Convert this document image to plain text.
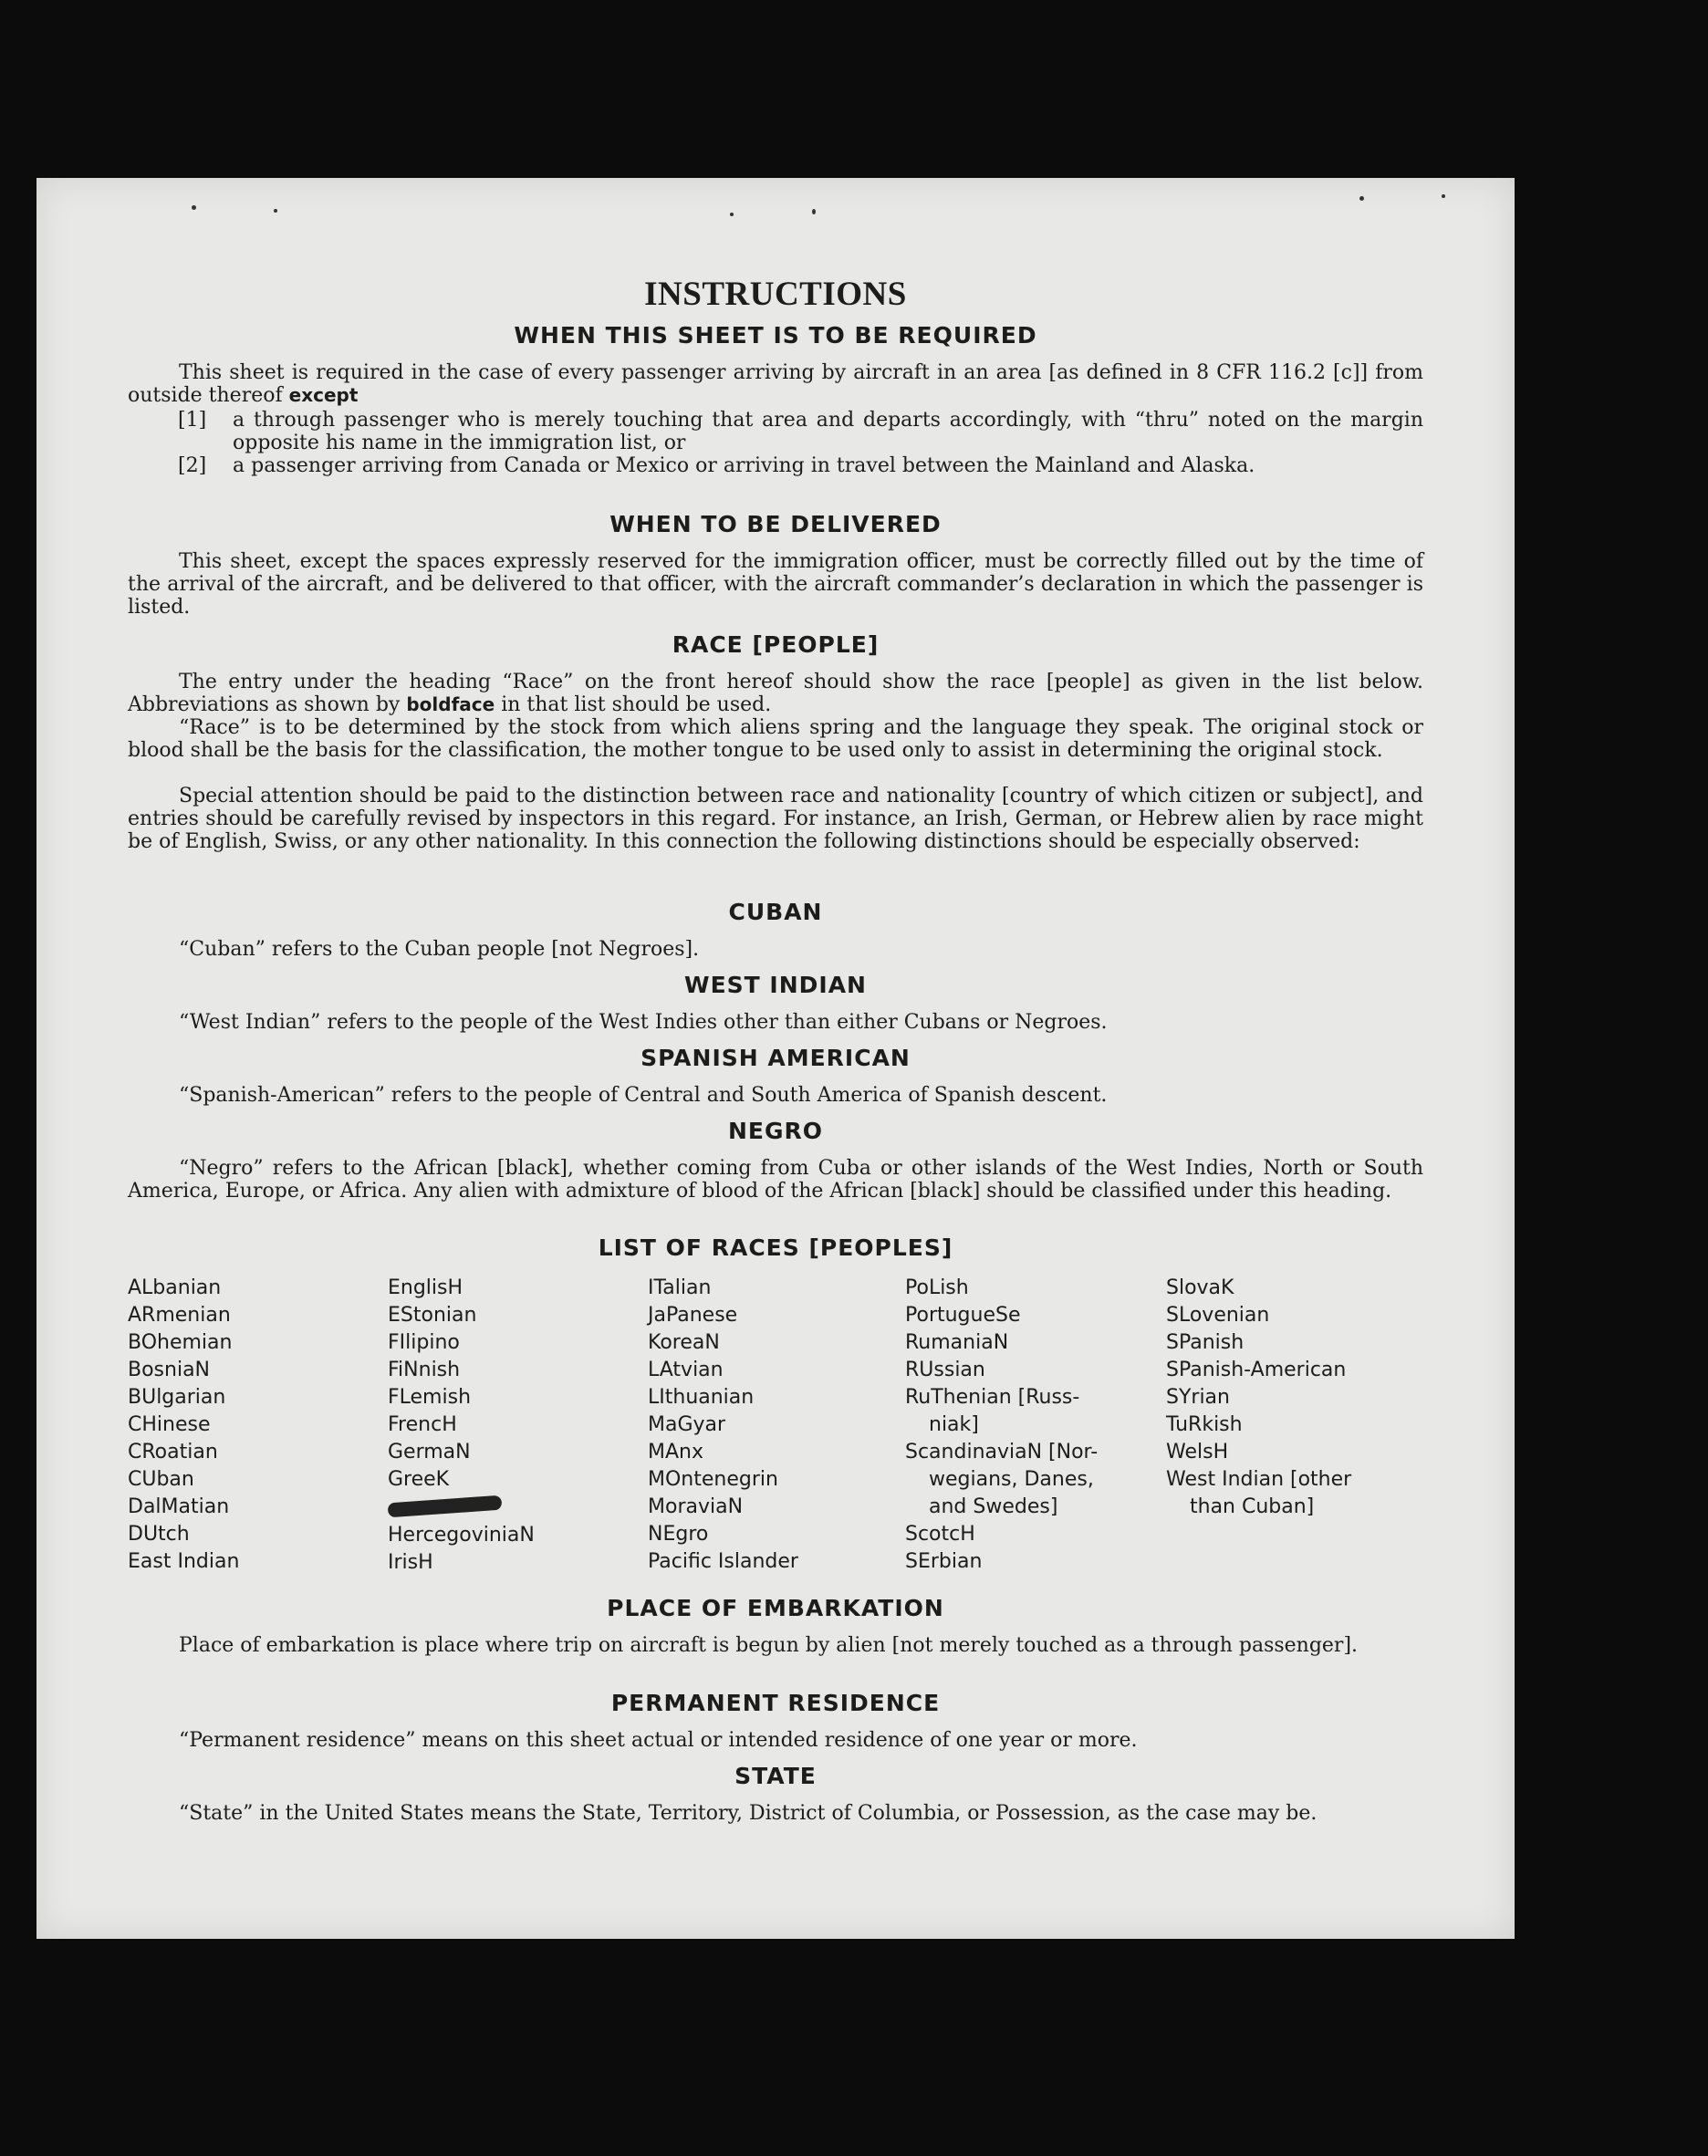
INSTRUCTIONS
WHEN THIS SHEET IS TO BE REQUIRED
This sheet is required in the case of every passenger arriving by aircraft in an area [as defined in 8 CFR 116.2 [c]] from outside thereof except
[1] a through passenger who is merely touching that area and departs accordingly, with “thru” noted on the margin opposite his name in the immigration list, or
[2] a passenger arriving from Canada or Mexico or arriving in travel between the Mainland and Alaska.
WHEN TO BE DELIVERED
This sheet, except the spaces expressly reserved for the immigration officer, must be correctly filled out by the time of the arrival of the aircraft, and be delivered to that officer, with the aircraft commander’s declaration in which the passenger is listed.
RACE [PEOPLE]
The entry under the heading “Race” on the front hereof should show the race [people] as given in the list below. Abbreviations as shown by boldface in that list should be used.
“Race” is to be determined by the stock from which aliens spring and the language they speak. The original stock or blood shall be the basis for the classification, the mother tongue to be used only to assist in determining the original stock.
Special attention should be paid to the distinction between race and nationality [country of which citizen or subject], and entries should be carefully revised by inspectors in this regard. For instance, an Irish, German, or Hebrew alien by race might be of English, Swiss, or any other nationality. In this connection the following distinctions should be especially observed:
CUBAN
“Cuban” refers to the Cuban people [not Negroes].
WEST INDIAN
“West Indian” refers to the people of the West Indies other than either Cubans or Negroes.
SPANISH AMERICAN
“Spanish-American” refers to the people of Central and South America of Spanish descent.
NEGRO
“Negro” refers to the African [black], whether coming from Cuba or other islands of the West Indies, North or South America, Europe, or Africa. Any alien with admixture of blood of the African [black] should be classified under this heading.
LIST OF RACES [PEOPLES]
ALbanian
ARmenian
BOhemian
BosniaN
BUlgarian
CHinese
CRoatian
CUban
DalMatian
DUtch
East Indian
EnglisH
EStonian
FIlipino
FiNnish
FLemish
FrencH
GermaN
GreeK
HercegoviniaN
IrisH
ITalian
JaPanese
KoreaN
LAtvian
LIthuanian
MaGyar
MAnx
MOntenegrin
MoraviaN
NEgro
Pacific Islander
PoLish
PortugueSe
RumaniaN
RUssian
RuThenian [Russ-
niak]
ScandinaviaN [Nor-
wegians, Danes,
and Swedes]
ScotcH
SErbian
SlovaK
SLovenian
SPanish
SPanish-American
SYrian
TuRkish
WelsH
West Indian [other
than Cuban]
PLACE OF EMBARKATION
Place of embarkation is place where trip on aircraft is begun by alien [not merely touched as a through passenger].
PERMANENT RESIDENCE
“Permanent residence” means on this sheet actual or intended residence of one year or more.
STATE
“State” in the United States means the State, Territory, District of Columbia, or Possession, as the case may be.
